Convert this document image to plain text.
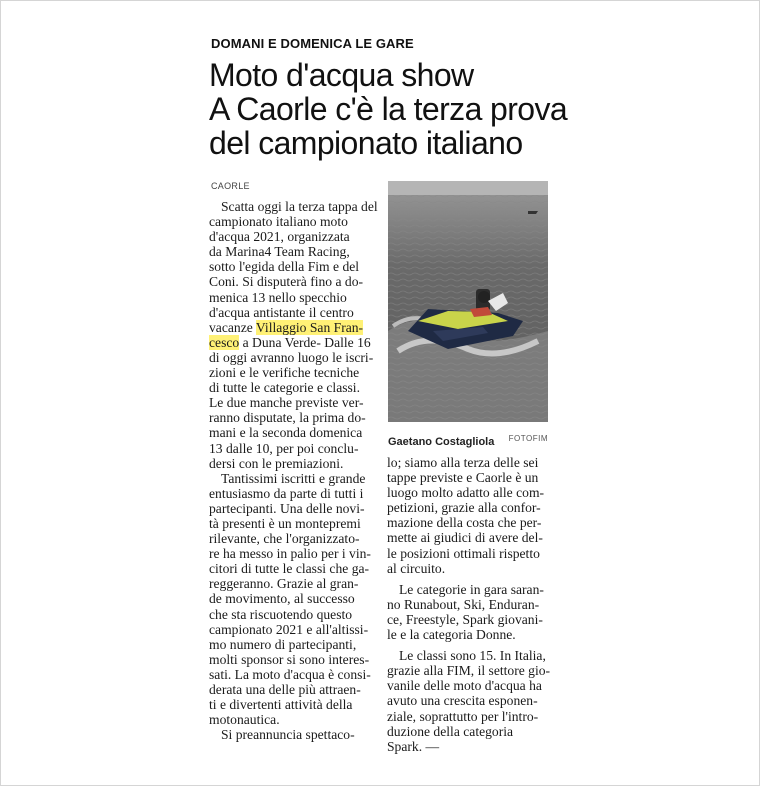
DOMANI E DOMENICA LE GARE
Moto d'acqua show
A Caorle c'è la terza prova
del campionato italiano
CAORLE
Scatta oggi la terza tappa del
campionato italiano moto
d'acqua 2021, organizzata
da Marina4 Team Racing,
sotto l'egida della Fim e del
Coni. Si disputerà fino a do-
menica 13 nello specchio
d'acqua antistante il centro
vacanze Villaggio San Fran-
cesco a Duna Verde- Dalle 16
di oggi avranno luogo le iscri-
zioni e le verifiche tecniche
di tutte le categorie e classi.
Le due manche previste ver-
ranno disputate, la prima do-
mani e la seconda domenica
13 dalle 10, per poi conclu-
dersi con le premiazioni.
Tantissimi iscritti e grande
entusiasmo da parte di tutti i
partecipanti. Una delle novi-
tà presenti è un montepremi
rilevante, che l'organizzato-
re ha messo in palio per i vin-
citori di tutte le classi che ga-
reggeranno. Grazie al gran-
de movimento, al successo
che sta riscuotendo questo
campionato 2021 e all'altissi-
mo numero di partecipanti,
molti sponsor si sono interes-
sati. La moto d'acqua è consi-
derata una delle più attraen-
ti e divertenti attività della
motonautica.
Si preannuncia spettaco-
Gaetano Costagliola FOTOFIM
lo; siamo alla terza delle sei
tappe previste e Caorle è un
luogo molto adatto alle com-
petizioni, grazie alla confor-
mazione della costa che per-
mette ai giudici di avere del-
le posizioni ottimali rispetto
al circuito.
Le categorie in gara saran-
no Runabout, Ski, Enduran-
ce, Freestyle, Spark giovani-
le e la categoria Donne.
Le classi sono 15. In Italia,
grazie alla FIM, il settore gio-
vanile delle moto d'acqua ha
avuto una crescita esponen-
ziale, soprattutto per l'intro-
duzione della categoria
Spark. —
